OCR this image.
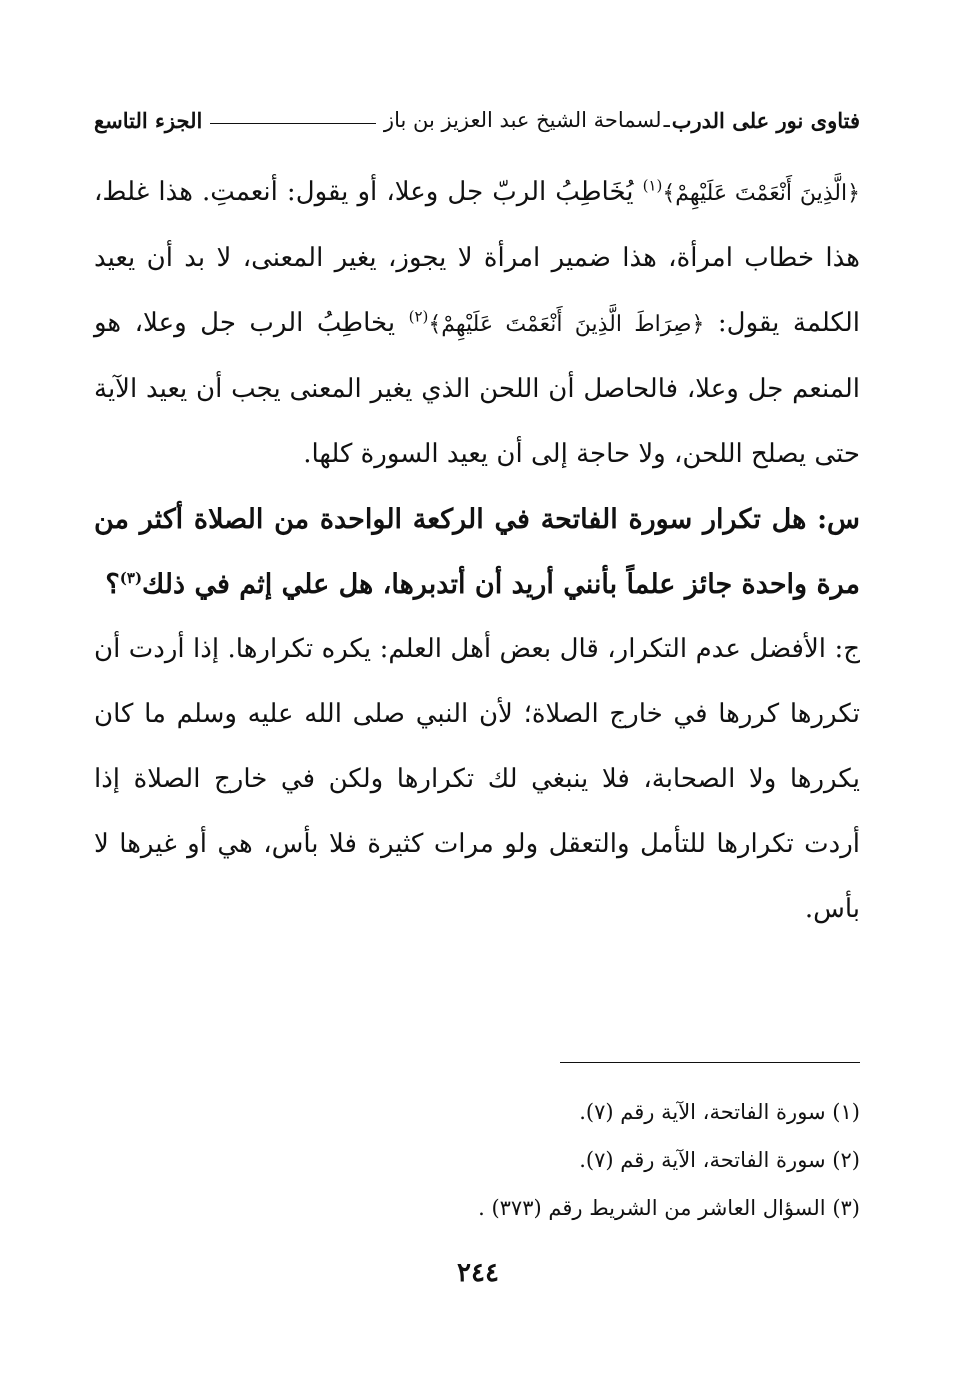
فتاوى نور على الدرب
ـ
لسماحة الشيخ عبد العزيز بن باز
الجزء التاسع

﴿الَّذِينَ أَنْعَمْتَ عَلَيْهِمْ﴾$^{(١)}$ يُخَاطِبُ الربّ جل وعلا، أو يقول: أنعمتِ. هذا غلط، هذا خطاب امرأة، هذا ضمير امرأة لا يجوز، يغير المعنى، لا بد أن يعيد الكلمة يقول: ﴿صِرَاطَ الَّذِينَ أَنْعَمْتَ عَلَيْهِمْ﴾$^{(٢)}$ يخاطِبُ الرب جل وعلا، هو المنعم جل وعلا، فالحاصل أن اللحن الذي يغير المعنى يجب أن يعيد الآية حتى يصلح اللحن، ولا حاجة إلى أن يعيد السورة كلها.

س: هل تكرار سورة الفاتحة في الركعة الواحدة من الصلاة أكثر من مرة واحدة جائز علماً بأنني أريد أن أتدبرها، هل علي إثم في ذلك$^{(٣)}$؟

ج: الأفضل عدم التكرار، قال بعض أهل العلم: يكره تكرارها. إذا أردت أن تكررها كررها في خارج الصلاة؛ لأن النبي صلى الله عليه وسلم ما كان يكررها ولا الصحابة، فلا ينبغي لك تكرارها ولكن في خارج الصلاة إذا أردت تكرارها للتأمل والتعقل ولو مرات كثيرة فلا بأس، هي أو غيرها لا بأس.

(١) سورة الفاتحة، الآية رقم (٧).

(٢) سورة الفاتحة، الآية رقم (٧).

(٣) السؤال العاشر من الشريط رقم (٣٧٣) .

٢٤٤
